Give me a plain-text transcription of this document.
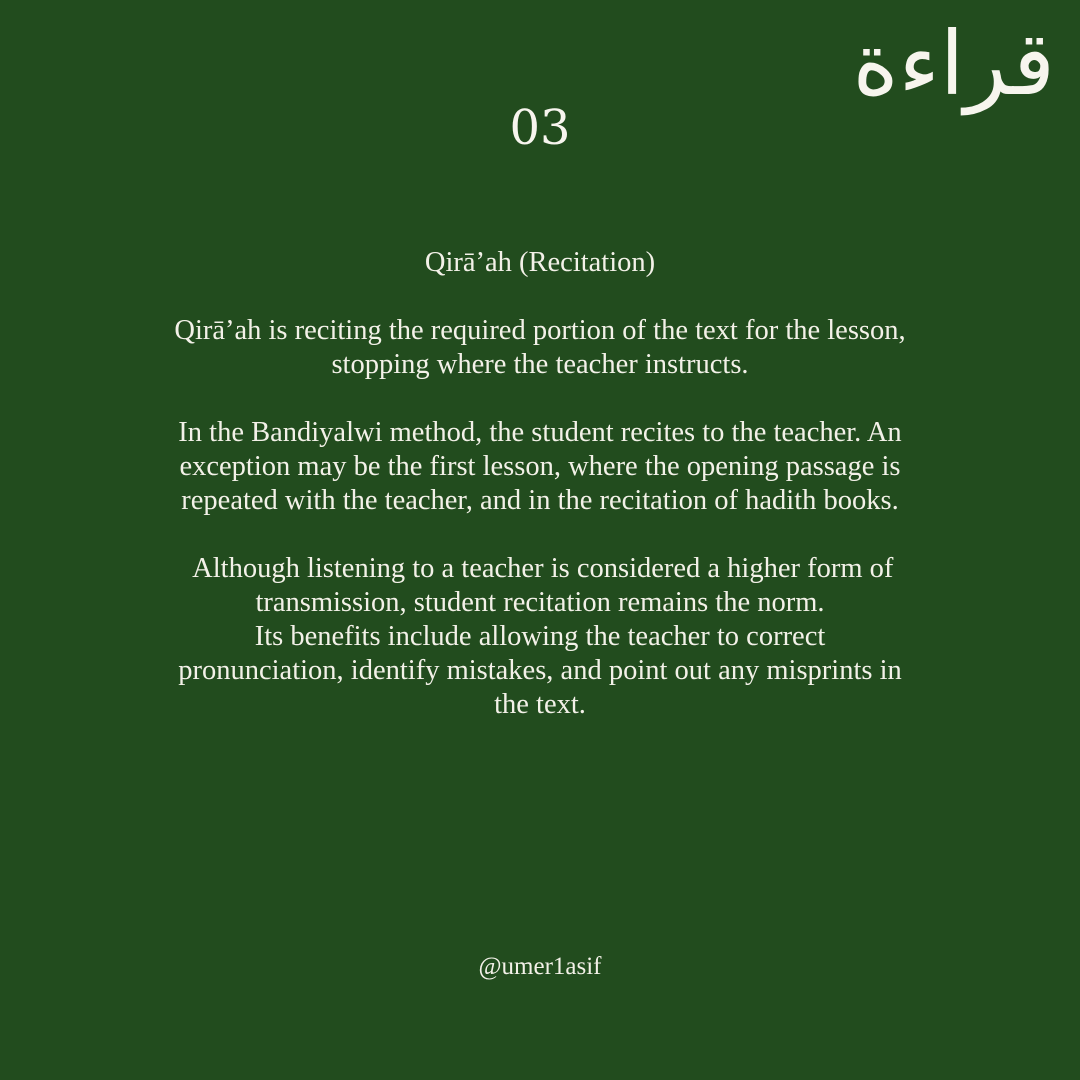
قراءة
03

Qirāʼah (Recitation)

Qirā’ah is reciting the required portion of the text for the lesson,

stopping where the teacher instructs.

In the Bandiyalwi method, the student recites to the teacher. An

exception may be the first lesson, where the opening passage is

repeated with the teacher, and in the recitation of hadith books.

Although listening to a teacher is considered a higher form of

transmission, student recitation remains the norm.

Its benefits include allowing the teacher to correct

pronunciation, identify mistakes, and point out any misprints in

the text.

@umer1asif
